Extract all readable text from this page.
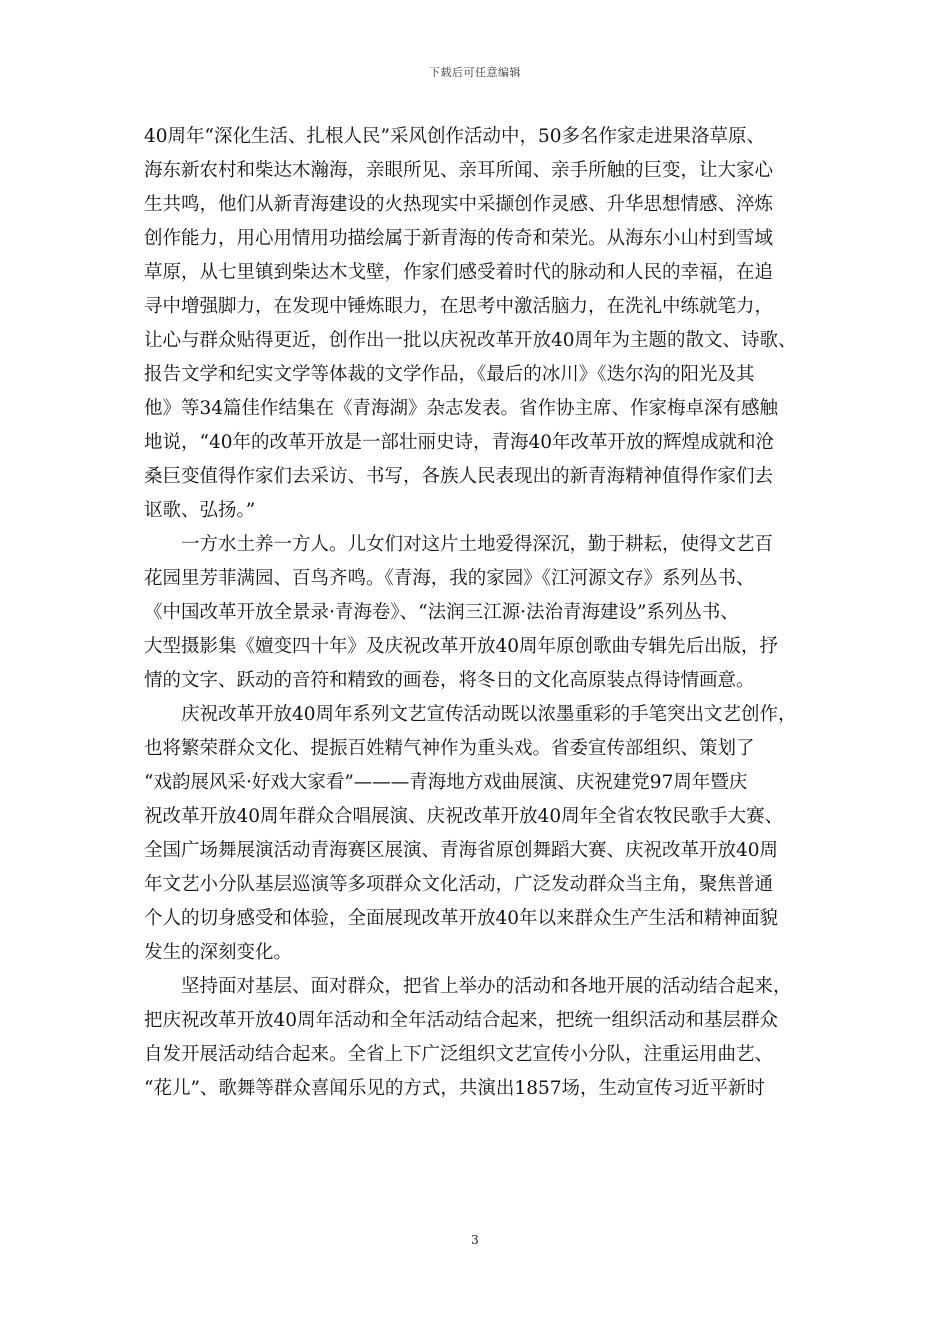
下载后可任意编辑
40周年“深化生活、扎根人民”采风创作活动中，50多名作家走进果洛草原、
海东新农村和柴达木瀚海，亲眼所见、亲耳所闻、亲手所触的巨变，让大家心
生共鸣，他们从新青海建设的火热现实中采撷创作灵感、升华思想情感、淬炼
创作能力，用心用情用功描绘属于新青海的传奇和荣光。从海东小山村到雪域
草原，从七里镇到柴达木戈壁，作家们感受着时代的脉动和人民的幸福，在追
寻中增强脚力，在发现中锤炼眼力，在思考中激活脑力，在洗礼中练就笔力，
让心与群众贴得更近，创作出一批以庆祝改革开放40周年为主题的散文、诗歌、
报告文学和纪实文学等体裁的文学作品，《最后的冰川》《迭尔沟的阳光及其
他》等34篇佳作结集在《青海湖》杂志发表。省作协主席、作家梅卓深有感触
地说，“40年的改革开放是一部壮丽史诗，青海40年改革开放的辉煌成就和沧
桑巨变值得作家们去采访、书写，各族人民表现出的新青海精神值得作家们去
讴歌、弘扬。”
　　一方水土养一方人。儿女们对这片土地爱得深沉，勤于耕耘，使得文艺百
花园里芳菲满园、百鸟齐鸣。《青海，我的家园》《江河源文存》系列丛书、
《中国改革开放全景录·青海卷》、“法润三江源·法治青海建设”系列丛书、
大型摄影集《嬗变四十年》及庆祝改革开放40周年原创歌曲专辑先后出版，抒
情的文字、跃动的音符和精致的画卷，将冬日的文化高原装点得诗情画意。
　　庆祝改革开放40周年系列文艺宣传活动既以浓墨重彩的手笔突出文艺创作，
也将繁荣群众文化、提振百姓精气神作为重头戏。省委宣传部组织、策划了
“戏韵展风采·好戏大家看”———青海地方戏曲展演、庆祝建党97周年暨庆
祝改革开放40周年群众合唱展演、庆祝改革开放40周年全省农牧民歌手大赛、
全国广场舞展演活动青海赛区展演、青海省原创舞蹈大赛、庆祝改革开放40周
年文艺小分队基层巡演等多项群众文化活动，广泛发动群众当主角，聚焦普通
个人的切身感受和体验，全面展现改革开放40年以来群众生产生活和精神面貌
发生的深刻变化。
　　坚持面对基层、面对群众，把省上举办的活动和各地开展的活动结合起来，
把庆祝改革开放40周年活动和全年活动结合起来，把统一组织活动和基层群众
自发开展活动结合起来。全省上下广泛组织文艺宣传小分队，注重运用曲艺、
“花儿”、歌舞等群众喜闻乐见的方式，共演出1857场，生动宣传习近平新时
3
